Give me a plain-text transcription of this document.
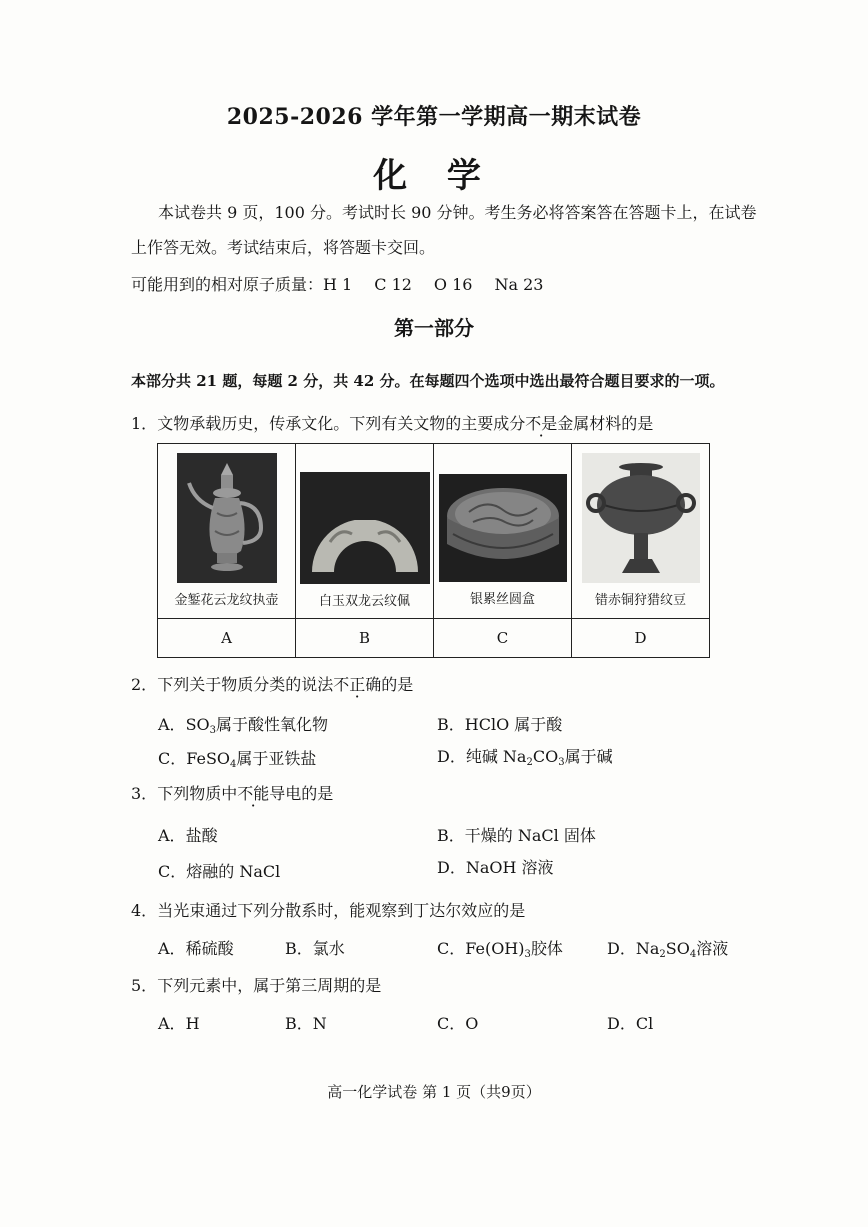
2025-2026 学年第一学期高一期末试卷
化 学
本试卷共 9 页，100 分。考试时长 90 分钟。考生务必将答案答在答题卡上，在试卷
上作答无效。考试结束后，将答题卡交回。
可能用到的相对原子质量：H 1 C 12 O 16 Na 23
第一部分
本部分共 21 题，每题 2 分，共 42 分。在每题四个选项中选出最符合题目要求的一项。
1．文物承载历史，传承文化。下列有关文物的主要成分不是金属材料的是
金錾花云龙纹执壶	白玉双龙云纹佩	银累丝圆盒	错赤铜狩猎纹豆

A	B	C	D
2．下列关于物质分类的说法不正确的是
A．$SO_3$属于酸性氧化物	B．HClO 属于酸
C．FeSO$_4$属于亚铁盐	D．纯碱 $Na_2CO_3$属于碱
3．下列物质中不能导电的是
A．盐酸	B．干燥的 NaCl 固体
C．熔融的 NaCl	D．NaOH 溶液
4．当光束通过下列分散系时，能观察到丁达尔效应的是
A．稀硫酸	B．氯水	C．$Fe(OH)_3$胶体	D．$Na_2SO_4$溶液
5．下列元素中，属于第三周期的是
A．H	B．N	C．O	D．Cl
高一化学试卷 第 1 页（共9页）
